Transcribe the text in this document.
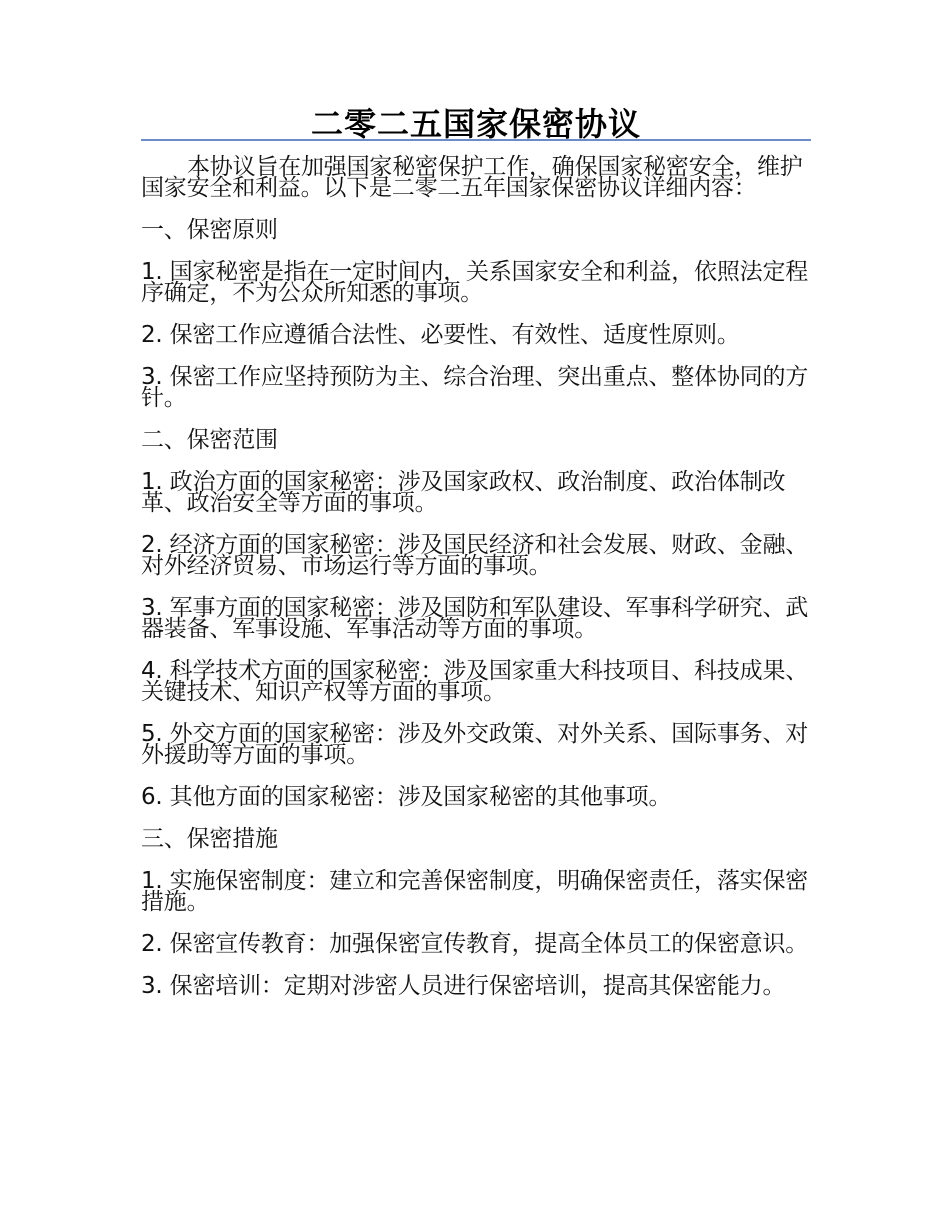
二零二五国家保密协议

本协议旨在加强国家秘密保护工作，确保国家秘密安全，维护国家安全和利益。以下是二零二五年国家保密协议详细内容：

一、保密原则

1. 国家秘密是指在一定时间内，关系国家安全和利益，依照法定程序确定，不为公众所知悉的事项。

2. 保密工作应遵循合法性、必要性、有效性、适度性原则。

3. 保密工作应坚持预防为主、综合治理、突出重点、整体协同的方针。

二、保密范围

1. 政治方面的国家秘密：涉及国家政权、政治制度、政治体制改革、政治安全等方面的事项。

2. 经济方面的国家秘密：涉及国民经济和社会发展、财政、金融、对外经济贸易、市场运行等方面的事项。

3. 军事方面的国家秘密：涉及国防和军队建设、军事科学研究、武器装备、军事设施、军事活动等方面的事项。

4. 科学技术方面的国家秘密：涉及国家重大科技项目、科技成果、关键技术、知识产权等方面的事项。

5. 外交方面的国家秘密：涉及外交政策、对外关系、国际事务、对外援助等方面的事项。

6. 其他方面的国家秘密：涉及国家秘密的其他事项。

三、保密措施

1. 实施保密制度：建立和完善保密制度，明确保密责任，落实保密措施。

2. 保密宣传教育：加强保密宣传教育，提高全体员工的保密意识。

3. 保密培训：定期对涉密人员进行保密培训，提高其保密能力。
